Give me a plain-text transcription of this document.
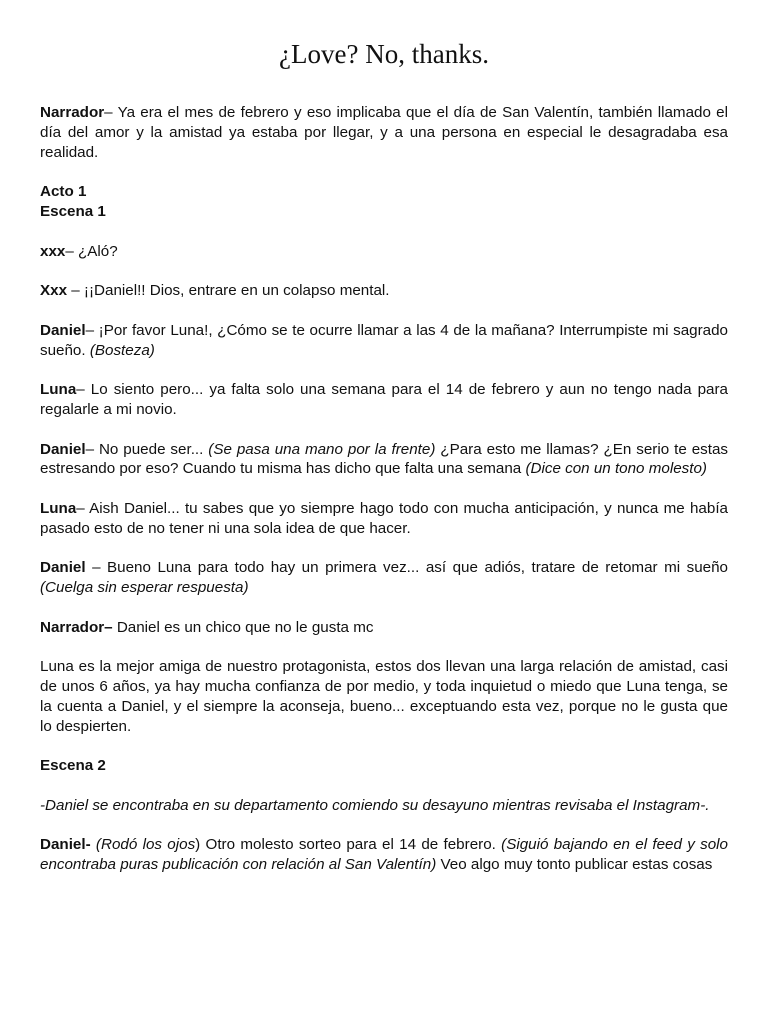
¿Love? No, thanks.

Narrador– Ya era el mes de febrero y eso implicaba que el día de San Valentín, también llamado el día del amor y la amistad ya estaba por llegar, y a una persona en especial le desagradaba esa realidad.

Acto 1

Escena 1

xxx– ¿Aló?

Xxx – ¡¡Daniel!! Dios, entrare en un colapso mental.

Daniel– ¡Por favor Luna!, ¿Cómo se te ocurre llamar a las 4 de la mañana? Interrumpiste mi sagrado sueño. (Bosteza)

Luna– Lo siento pero... ya falta solo una semana para el 14 de febrero y aun no tengo nada para regalarle a mi novio.

Daniel– No puede ser... (Se pasa una mano por la frente) ¿Para esto me llamas? ¿En serio te estas estresando por eso? Cuando tu misma has dicho que falta una semana (Dice con un tono molesto)

Luna– Aish Daniel... tu sabes que yo siempre hago todo con mucha anticipación, y nunca me había pasado esto de no tener ni una sola idea de que hacer.

Daniel – Bueno Luna para todo hay un primera vez... así que adiós, tratare de retomar mi sueño (Cuelga sin esperar respuesta)

Narrador– Daniel es un chico que no le gusta mc

Luna es la mejor amiga de nuestro protagonista, estos dos llevan una larga relación de amistad, casi de unos 6 años, ya hay mucha confianza de por medio, y toda inquietud o miedo que Luna tenga, se la cuenta a Daniel, y el siempre la aconseja, bueno... exceptuando esta vez, porque no le gusta que lo despierten.

Escena 2

-Daniel se encontraba en su departamento comiendo su desayuno mientras revisaba el Instagram-.

Daniel- (Rodó los ojos) Otro molesto sorteo para el 14 de febrero. (Siguió bajando en el feed y solo encontraba puras publicación con relación al San Valentín) Veo algo muy tonto publicar estas cosas
